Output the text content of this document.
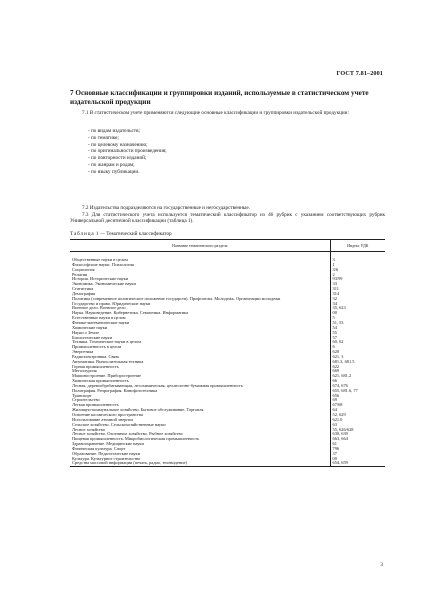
ГОСТ 7.81–2001
7 Основные классификации и группировки изданий, используемые в статистическом учете издательской продукции
7.1 В статистическом учете применяются следующие основные классификации и группировки издательской продукции:
- по видам издательств;
- по тематике;
- по целевому назначению;
- по оригинальности произведения;
- по повторности изданий;
- по жанрам и родам;
- по языку публикации.
7.2 Издательства подразделяются на государственные и негосударственные.
7.3 Для статистического учета используется тематический классификатор из 46 рубрик с указанием соответствующих рубрик Универсальной десятичной классификации (таблица 1).
Таблица 1 — Тематический классификатор
Название тематического раздела	Индекс УДК

Общественные науки в целом	3
Философские науки. Психология	1
Социология	3/6
Религия	2
История. Исторические науки	93/99
Экономика. Экономические науки	33
Статистика	311
Демография	314
Политика (современное политическое положение государств). Профсоюзы. Молодежь. Организации молодежи	32
Государство и право. Юридические науки	34
Военное дело. Военное дело	35, 623
Наука. Науковедение. Кибернетика. Семиотика. Информатика	00
Естественные науки в целом	5
Физико-математические науки	51, 53
Химические науки	54
Науки о Земле	55
Биологические науки	57
Техника. Технические науки в целом	60, 62
Промышленность в целом	6
Энергетика	620
Радиоэлектроника. Связь	621. 3
Автоматика. Вычислительная техника	681.3, 681.5
Горная промышленность	622
Металлургия	669
Машиностроение. Приборостроение	621, 681.2
Химическая промышленность	66
Лесная, деревообрабатывающая, лесохимическая, целлюлозно-бумажная промышленность	674, 676
Полиграфия. Репрография. Кинофототехника	655, 681.6, 77
Транспорт	656
Строительство	69
Легкая промышленность	67/68
Жилищно-коммунальное хозяйство. Бытовое обслуживание. Торговля	64
Освоение космического пространства	52, 629
Использование атомной энергии	621.0
Сельское хозяйство. Сельскохозяйственные науки	63
Лесное хозяйство	55, 626/628
Лесное хозяйство. Охотничье хозяйство. Рыбное хозяйство	630, 639
Пищевая промышленность. Микробиологическая промышленность	663, 664
Здравоохранение. Медицинские науки	61
Физическая культура. Спорт	796
Образование. Педагогические науки	37
Культура. Культурное строительство	00
Средства массовой информации (печать, радио, телевидение)	654, 659
3
